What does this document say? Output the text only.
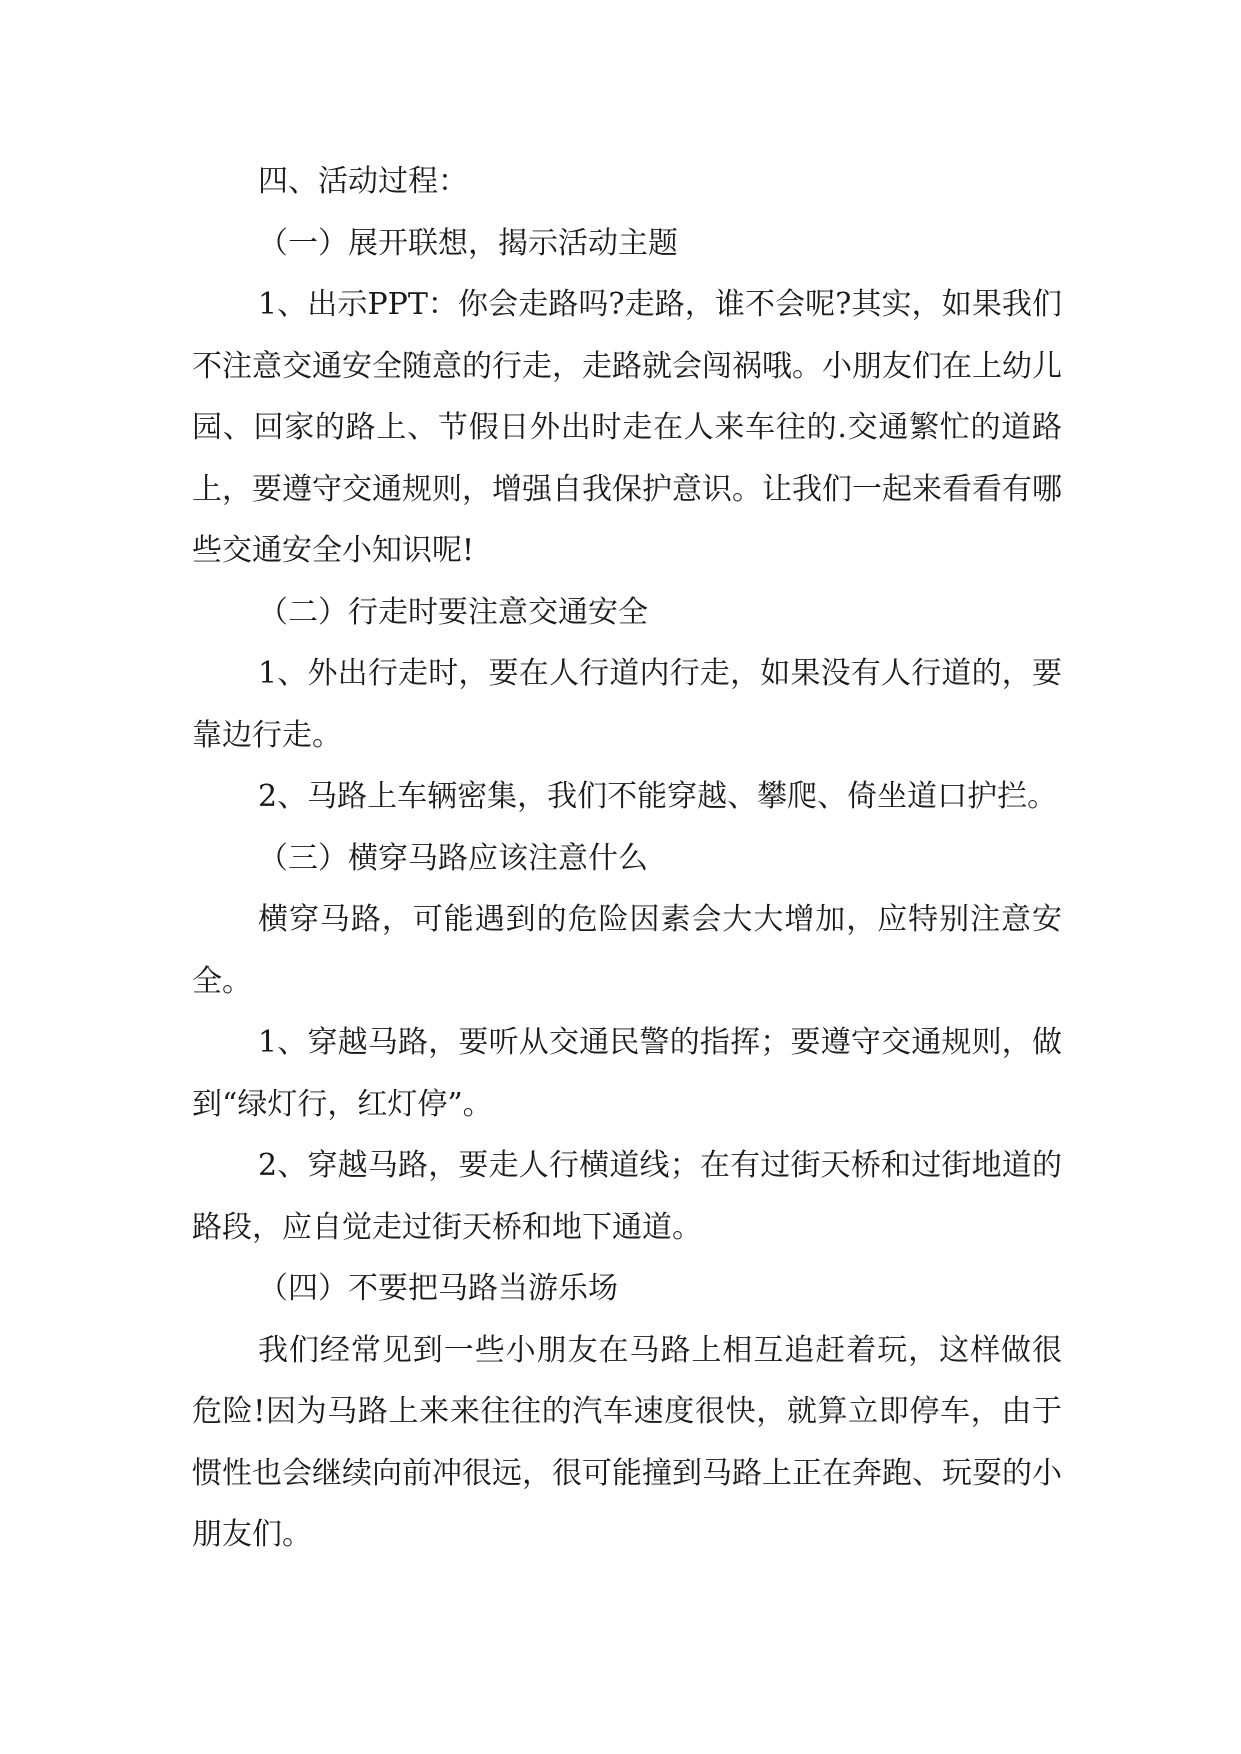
四、活动过程：

（一）展开联想，揭示活动主题

1、出示PPT：你会走路吗?走路，谁不会呢?其实，如果我们不注意交通安全随意的行走，走路就会闯祸哦。小朋友们在上幼儿园、回家的路上、节假日外出时走在人来车往的.交通繁忙的道路上，要遵守交通规则，增强自我保护意识。让我们一起来看看有哪些交通安全小知识呢!

（二）行走时要注意交通安全

1、外出行走时，要在人行道内行走，如果没有人行道的，要靠边行走。

2、马路上车辆密集，我们不能穿越、攀爬、倚坐道口护拦。

（三）横穿马路应该注意什么

横穿马路，可能遇到的危险因素会大大增加，应特别注意安全。

1、穿越马路，要听从交通民警的指挥；要遵守交通规则，做到“绿灯行，红灯停”。

2、穿越马路，要走人行横道线；在有过街天桥和过街地道的路段，应自觉走过街天桥和地下通道。

（四）不要把马路当游乐场

我们经常见到一些小朋友在马路上相互追赶着玩，这样做很危险!因为马路上来来往往的汽车速度很快，就算立即停车，由于惯性也会继续向前冲很远，很可能撞到马路上正在奔跑、玩耍的小朋友们。
